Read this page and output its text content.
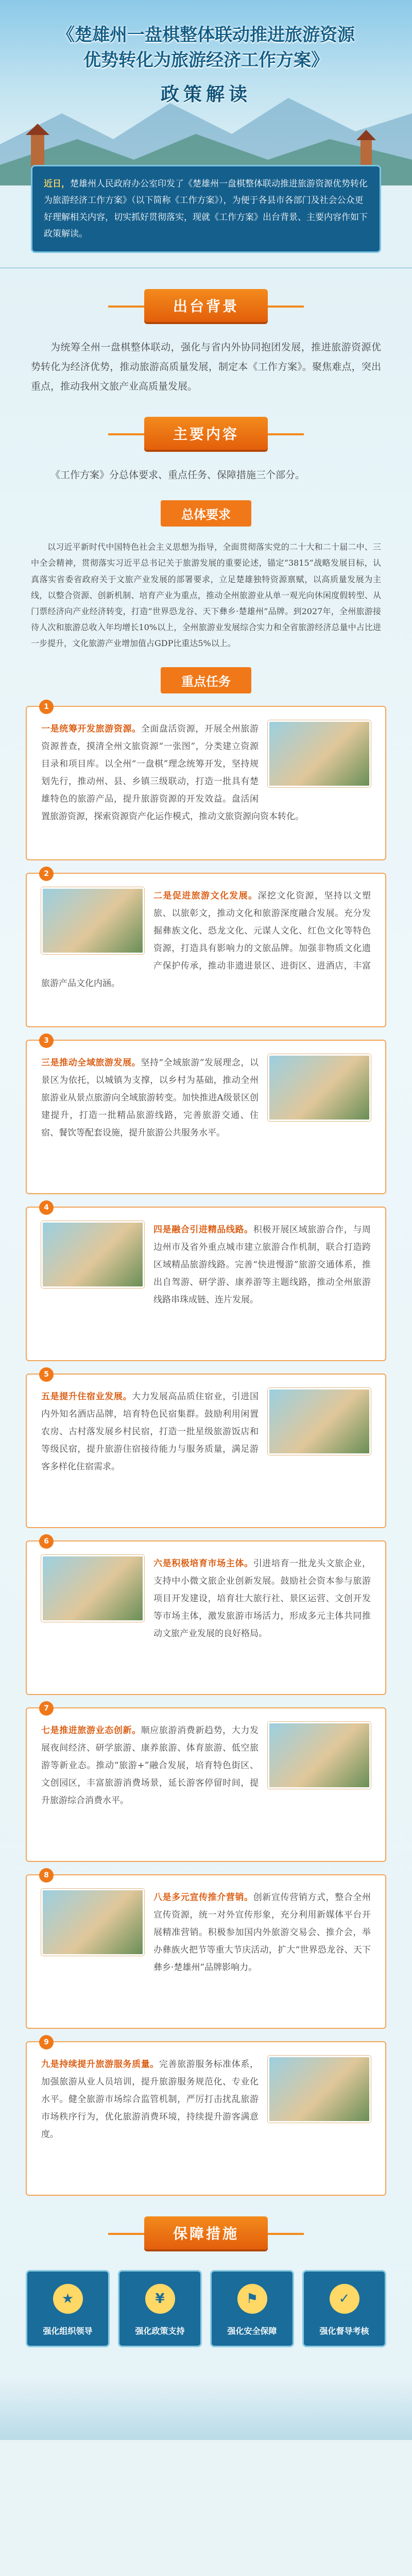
《楚雄州一盘棋整体联动推进旅游资源
优势转化为旅游经济工作方案》
政策解读
近日，楚雄州人民政府办公室印发了《楚雄州一盘棋整体联动推进旅游资源优势转化为旅游经济工作方案》（以下简称《工作方案》），为便于各县市各部门及社会公众更好理解相关内容，切实抓好贯彻落实，现就《工作方案》出台背景、主要内容作如下政策解读。
出台背景

为统筹全州一盘棋整体联动，强化与省内外协同抱团发展，推进旅游资源优势转化为经济优势，推动旅游高质量发展，制定本《工作方案》。聚焦难点，突出重点，推动我州文旅产业高质量发展。

主要内容

《工作方案》分总体要求、重点任务、保障措施三个部分。

总体要求

以习近平新时代中国特色社会主义思想为指导，全面贯彻落实党的二十大和二十届二中、三中全会精神，贯彻落实习近平总书记关于旅游发展的重要论述，锚定“3815”战略发展目标，认真落实省委省政府关于文旅产业发展的部署要求，立足楚雄独特资源禀赋，以高质量发展为主线，以整合资源、创新机制、培育产业为重点，推动全州旅游业从单一观光向休闲度假转型、从门票经济向产业经济转变，打造“世界恐龙谷、天下彝乡·楚雄州”品牌。到2027年，全州旅游接待人次和旅游总收入年均增长10%以上，全州旅游业发展综合实力和全省旅游经济总量中占比进一步提升，文化旅游产业增加值占GDP比重达5%以上。

重点任务
1
一是统筹开发旅游资源。全面盘活资源，开展全州旅游资源普查，摸清全州文旅资源“一张图”，分类建立资源目录和项目库。以全州“一盘棋”理念统筹开发，坚持规划先行，推动州、县、乡镇三级联动，打造一批具有楚雄特色的旅游产品，提升旅游资源的开发效益。盘活闲置旅游资源，探索资源资产化运作模式，推动文旅资源向资本转化。
2
二是促进旅游文化发展。深挖文化资源，坚持以文塑旅、以旅彰文，推动文化和旅游深度融合发展。充分发掘彝族文化、恐龙文化、元谋人文化、红色文化等特色资源，打造具有影响力的文旅品牌。加强非物质文化遗产保护传承，推动非遗进景区、进街区、进酒店，丰富旅游产品文化内涵。
3
三是推动全域旅游发展。坚持“全域旅游”发展理念，以景区为依托，以城镇为支撑，以乡村为基础，推动全州旅游业从景点旅游向全域旅游转变。加快推进A级景区创建提升，打造一批精品旅游线路，完善旅游交通、住宿、餐饮等配套设施，提升旅游公共服务水平。
4
四是融合引进精品线路。积极开展区域旅游合作，与周边州市及省外重点城市建立旅游合作机制，联合打造跨区域精品旅游线路。完善“快进慢游”旅游交通体系，推出自驾游、研学游、康养游等主题线路，推动全州旅游线路串珠成链、连片发展。
5
五是提升住宿业发展。大力发展高品质住宿业，引进国内外知名酒店品牌，培育特色民宿集群。鼓励利用闲置农房、古村落发展乡村民宿，打造一批星级旅游饭店和等级民宿，提升旅游住宿接待能力与服务质量，满足游客多样化住宿需求。
6
六是积极培育市场主体。引进培育一批龙头文旅企业，支持中小微文旅企业创新发展。鼓励社会资本参与旅游项目开发建设，培育壮大旅行社、景区运营、文创开发等市场主体，激发旅游市场活力，形成多元主体共同推动文旅产业发展的良好格局。
7
七是推进旅游业态创新。顺应旅游消费新趋势，大力发展夜间经济、研学旅游、康养旅游、体育旅游、低空旅游等新业态。推动“旅游+”融合发展，培育特色街区、文创园区，丰富旅游消费场景，延长游客停留时间，提升旅游综合消费水平。
8
八是多元宣传推介营销。创新宣传营销方式，整合全州宣传资源，统一对外宣传形象，充分利用新媒体平台开展精准营销。积极参加国内外旅游交易会、推介会，举办彝族火把节等重大节庆活动，扩大“世界恐龙谷、天下彝乡·楚雄州”品牌影响力。
9
九是持续提升旅游服务质量。完善旅游服务标准体系，加强旅游从业人员培训，提升旅游服务规范化、专业化水平。健全旅游市场综合监管机制，严厉打击扰乱旅游市场秩序行为，优化旅游消费环境，持续提升游客满意度。
保障措施
★
强化组织领导
¥
强化政策支持
⚑
强化安全保障
✓
强化督导考核
